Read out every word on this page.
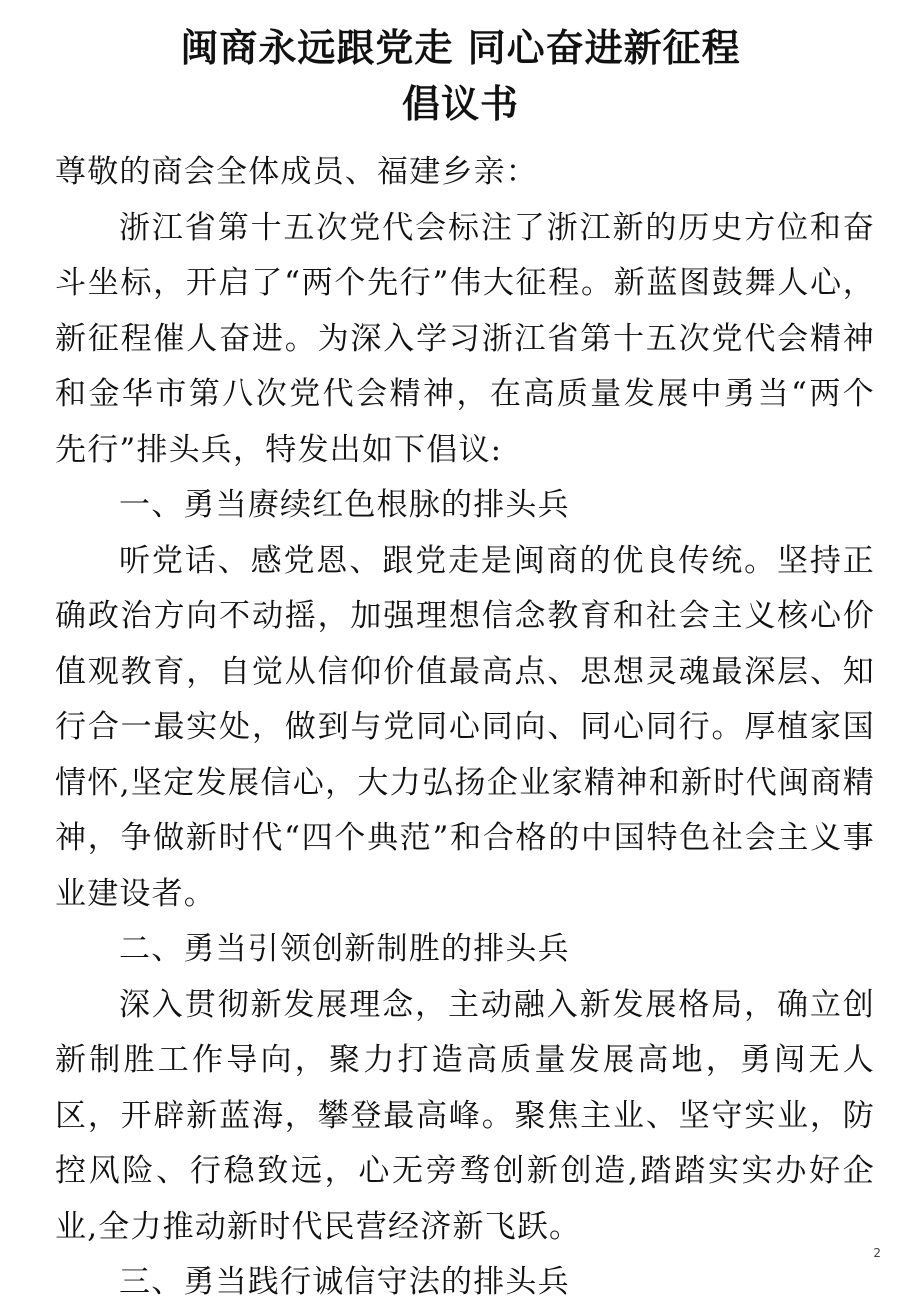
闽商永远跟党走 同心奋进新征程
倡议书

尊敬的商会全体成员、福建乡亲：

浙江省第十五次党代会标注了浙江新的历史方位和奋斗坐标，开启了“两个先行”伟大征程。新蓝图鼓舞人心，新征程催人奋进。为深入学习浙江省第十五次党代会精神和金华市第八次党代会精神，在高质量发展中勇当“两个先行”排头兵，特发出如下倡议:

一、勇当赓续红色根脉的排头兵

听党话、感党恩、跟党走是闽商的优良传统。坚持正确政治方向不动摇，加强理想信念教育和社会主义核心价值观教育，自觉从信仰价值最高点、思想灵魂最深层、知行合一最实处，做到与党同心同向、同心同行。厚植家国情怀,坚定发展信心，大力弘扬企业家精神和新时代闽商精神，争做新时代“四个典范”和合格的中国特色社会主义事业建设者。

二、勇当引领创新制胜的排头兵

深入贯彻新发展理念，主动融入新发展格局，确立创新制胜工作导向，聚力打造高质量发展高地，勇闯无人区，开辟新蓝海，攀登最高峰。聚焦主业、坚守实业，防控风险、行稳致远，心无旁骛创新创造,踏踏实实办好企业,全力推动新时代民营经济新飞跃。

三、勇当践行诚信守法的排头兵

2
